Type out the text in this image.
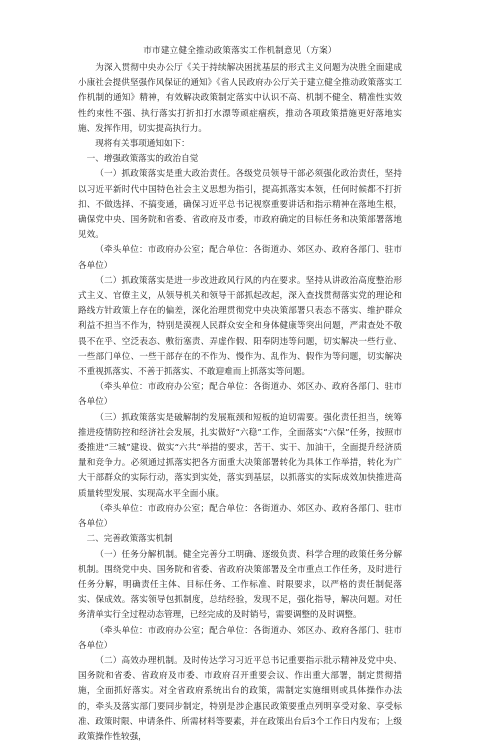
市市建立健全推动政策落实工作机制意见（方案）

为深入贯彻中央办公厅《关于持续解决困扰基层的形式主义问题为决胜全面建成小康社会提供坚强作风保证的通知》《省人民政府办公厅关于建立健全推动政策落实工作机制的通知》精神，有效解决政策制定落实中认识不高、机制不健全、精准性实效性约束性不强、执行落实打折扣打水漂等顽症痼疾，推动各项政策措施更好落地实施、发挥作用，切实提高执行力。

现将有关事项通知如下：

一、增强政策落实的政治自觉

（一）抓政策落实是重大政治责任。各级党员领导干部必须强化政治责任，坚持以习近平新时代中国特色社会主义思想为指引，提高抓落实本领，任何时候都不打折扣、不做选择、不搞变通，确保习近平总书记视察重要讲话和指示精神在落地生根，确保党中央、国务院和省委、省政府及市委，市政府确定的目标任务和决策部署落地见效。

（牵头单位：市政府办公室；配合单位：各街道办、郊区办、政府各部门、驻市各单位）

（二）抓政策落实是进一步改进政风行风的内在要求。坚持从讲政治高度整治形式主义、官僚主义，从领导机关和领导干部抓起改起，深入查找贯彻落实党的理论和路线方针政策上存在的偏差，深化治理贯彻党中央决策部署只表态不落实、维护群众利益不担当不作为，特别是漠视人民群众安全和身体健康等突出问题，严肃查处不敬畏不在乎、空泛表态、敷衍塞责、弄虚作假、阳奉阴违等问题，切实解决一些行业、一些部门单位、一些干部存在的不作为、慢作为、乱作为、假作为等问题，切实解决不重视抓落实、不善于抓落实、不敢迎难而上抓落实等问题。

（牵头单位：市政府办公室；配合单位：各街道办、郊区办、政府各部门、驻市各单位）

（三）抓政策落实是破解制约发展瓶颈和短板的迫切需要。强化责任担当，统筹推进疫情防控和经济社会发展，扎实做好“六稳”工作，全面落实“六保”任务，按照市委推进“三城”建设、做实“六共”举措的要求，苦干、实干、加油干，全面提升经济质量和竞争力。必须通过抓落实把各方面重大决策部署转化为具体工作举措，转化为广大干部群众的实际行动，落实到实处，落实到基层，以抓落实的实际成效加快推进高质量转型发展、实现高水平全面小康。

（牵头单位：市政府办公室；配合单位：各街道办、郊区办、政府各部门、驻市各单位）

二、完善政策落实机制

（一）任务分解机制。健全完善分工明确、逐级负责、科学合理的政策任务分解机制。围绕党中央、国务院和省委、省政府决策部署及全市重点工作任务，及时进行任务分解，明确责任主体、目标任务、工作标准、时限要求，以严格的责任制促落实、保成效。落实领导包抓制度，总结经验，发现不足，强化指导，解决问题。对任务清单实行全过程动态管理，已经完成的及时销号，需要调整的及时调整。

（牵头单位：市政府办公室；配合单位：各街道办、郊区办、政府各部门、驻市各单位）

（二）高效办理机制。及时传达学习习近平总书记重要指示批示精神及党中央、国务院和省委、省政府及市委、市政府召开重要会议、作出重大部署，制定贯彻措施，全面抓好落实。对全省政府系统出台的政策，需制定实施细则或具体操作办法的，牵头及落实部门要同步制定，特别是涉企惠民政策要重点列明享受对象、享受标准、政策时限、申请条件、所需材料等要素，并在政策出台后3个工作日内发布；上级政策操作性较强，
